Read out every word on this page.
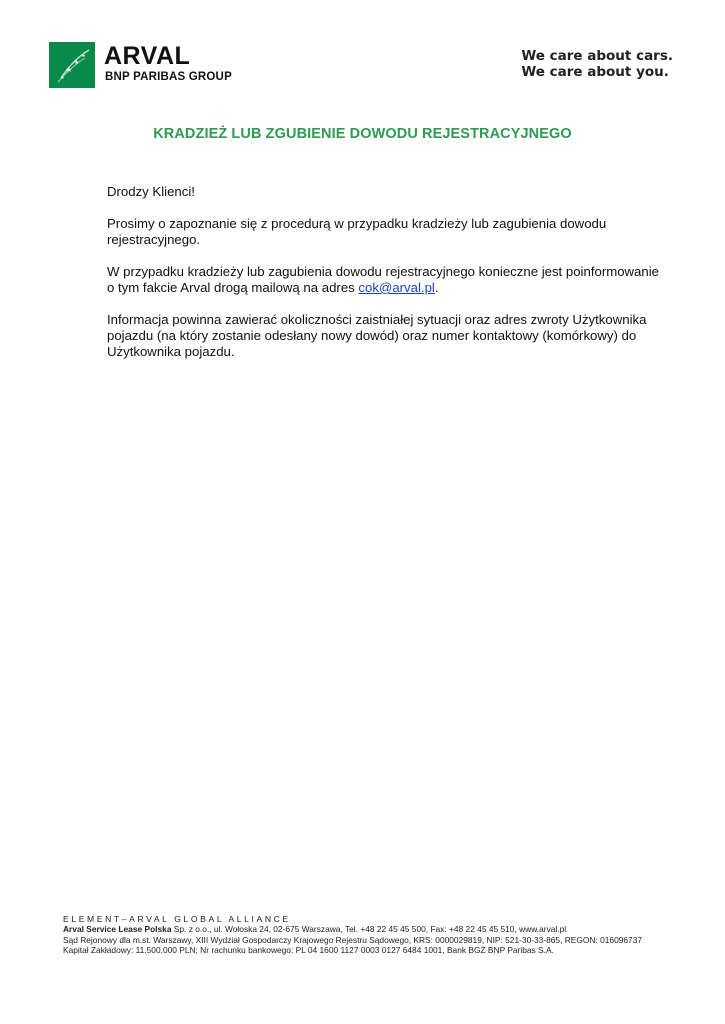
ARVAL
BNP PARIBAS GROUP
We care about cars.
We care about you.
KRADZIEŻ LUB ZGUBIENIE DOWODU REJESTRACYJNEGO

Drodzy Klienci!

Prosimy o zapoznanie się z procedurą w przypadku kradzieży lub zagubienia dowodu rejestracyjnego.

W przypadku kradzieży lub zagubienia dowodu rejestracyjnego konieczne jest poinformowanie o tym fakcie Arval drogą mailową na adres cok@arval.pl.

Informacja powinna zawierać okoliczności zaistniałej sytuacji oraz adres zwroty Użytkownika pojazdu (na który zostanie odesłany nowy dowód) oraz numer kontaktowy (komórkowy) do Użytkownika pojazdu.

ELEMENT–ARVAL GLOBAL ALLIANCE
Arval Service Lease Polska Sp. z o.o., ul. Wołoska 24, 02-675 Warszawa, Tel. +48 22 45 45 500, Fax: +48 22 45 45 510, www.arval.pl
Sąd Rejonowy dla m.st. Warszawy, XIII Wydział Gospodarczy Krajowego Rejestru Sądowego, KRS: 0000029819, NIP: 521-30-33-865, REGON: 016096737
Kapitał Zakładowy: 11.500.000 PLN; Nr rachunku bankowego: PL 04 1600 1127 0003 0127 6484 1001, Bank BGŻ BNP Paribas S.A.
